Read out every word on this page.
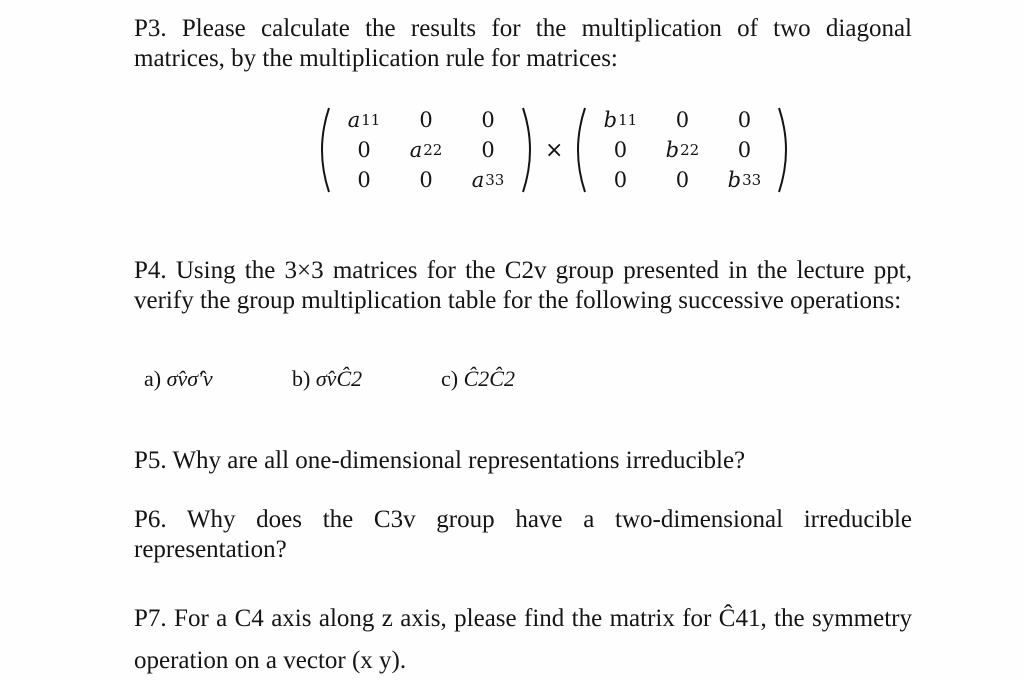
P3. Please calculate the results for the multiplication of two diagonal matrices, by the multiplication rule for matrices:
a 11	0	0
0	a 22	0
0	0	a 33
×
b 11	0	0
0	b 22	0
0	0	b 33
P4. Using the 3×3 matrices for the C2v group presented in the lecture ppt, verify the group multiplication table for the following successive operations:
a) σ̂vσ̂′v	b) σ̂vĈ2	c) Ĉ2Ĉ2
P5. Why are all one-dimensional representations irreducible?
P6. Why does the C3v group have a two-dimensional irreducible representation?
P7. For a C4 axis along z axis, please find the matrix for Ĉ41, the symmetry operation on a vector (x y).
